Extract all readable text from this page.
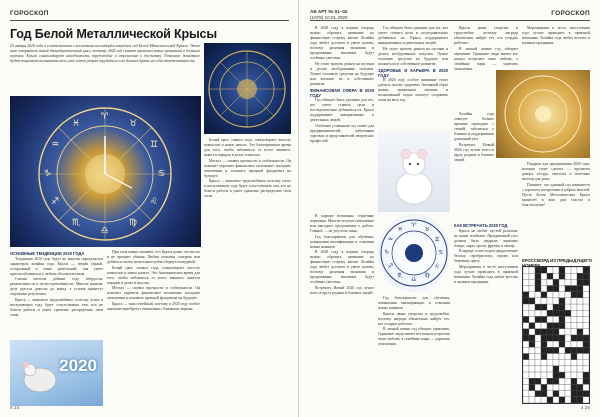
ГОРОСКОП
Год Белой Металлической Крысы
25 января 2020 года в соответствии с восточным календарём начнётся год Белой Металлической Крысы. Этот знак открывает новый двенадцатилетний цикл, поэтому 2020 год станет временем новых начинаний и больших перемен. Крыса символизирует находчивость, трудолюбие и стремление к достатку. Тотемное животное будет покровительствовать тем, кто готов упорно трудиться и не боится брать на себя ответственность.
♈
♉
♊
♋
♌
♍
♎
♏
♐
♑
♒
♓

ОСНОВНЫЕ ТЕНДЕНЦИИ 2020 ГОДА

Тенденции 2020 года будут во многом определяться характером хозяйки года. Крыса — зверёк умный, осторожный и очень деятельный, она умеет приспосабливаться к любым обстоятельствам.

Стихия металла добавит году твёрдости, решительности и целеустремлённости. Многие начатые дела удастся довести до конца, а усилия принесут ощутимые результаты.

Крыса — животное трудолюбивое, поэтому успех в наступающем году будет сопутствовать тем, кто не боится работы и умеет грамотно распределять свои силы.

2020

При этом важно помнить, что Крыса ценит честность и не прощает обмана. Любые попытки схитрить или добиться своего нечестным путём обернутся неудачей.

Белый цвет, символ года, олицетворяет чистоту помыслов и новое начало. Это благоприятное время для того, чтобы избавиться от всего лишнего, навести порядок в делах и мыслях.

Металл — символ прочности и стабильности. Он поможет укрепить финансовое положение, наладить отношения и заложить прочный фундамент на будущее.

Крыса — знак семейный, поэтому в 2020 году особое значение приобретут отношения с близкими людьми.

Белый цвет, символ года, олицетворяет чистоту помыслов и новое начало. Это благоприятное время для того, чтобы избавиться от всего лишнего, навести порядок в делах и мыслях.

Металл — символ прочности и стабильности. Он поможет укрепить финансовое положение, наладить отношения и заложить прочный фундамент на будущее.

Крыса — животное трудолюбивое, поэтому успех в наступающем году будет сопутствовать тем, кто не боится работы и умеет грамотно распределять свои силы.

4 24
АБ АРТ № 01–02
(1076) 10.01.2020
ГОРОСКОП

В 2020 году в первую очередь нужно обратить внимание на финансовую сторону жизни. Хозяйка года любит достаток и умеет копить, поэтому разумная экономия и продуманные вложения будут особенно уместны.

Не стоит тратить деньги на пустяки и делать необдуманные покупки. Лучше отложить средства на будущее или вложить их в собственное развитие.

ФИНАНСОВАЯ СФЕРА В 2020 ГОДУ

Год обещает быть удачным для тех, кто умеет ставить цели и последовательно добиваться их. Крыса поддерживает инициативных и деятельных людей.

Особенно успешным год станет для предпринимателей, работников торговли и представителей творческих профессий.

Год обещает быть удачным для тех, кто умеет ставить цели и последовательно добиваться их. Крыса поддерживает инициативных и деятельных людей.

Не стоит тратить деньги на пустяки и делать необдуманные покупки. Лучше отложить средства на будущее или вложить их в собственное развитие.

ЗДОРОВЬЕ И КАРЬЕРА В 2020 ГОДУ

В 2020 году особое внимание стоит уделить своему здоровью. Активный образ жизни, правильное питание и полноценный отдых помогут сохранить силы на весь год.

♈
♉
♊
♋
♌
♍
♎
♏
♐
♑
♒
♓

В карьере возможны серьёзные перемены. Многие получат повышение или выгодное предложение о работе. Главное — не упустить шанс.

Год благоприятен для обучения, повышения квалификации и освоения новых навыков.

В 2020 году в первую очередь нужно обратить внимание на финансовую сторону жизни. Хозяйка года любит достаток и умеет копить, поэтому разумная экономия и продуманные вложения будут особенно уместны.

Встречать Новый 2020 год лучше всего в кругу родных и близких людей.

Год благоприятен для обучения, повышения квалификации и освоения новых навыков.

Крысы ценят упорство и трудолюбие, поэтому награда обязательно найдёт тех, кто усердно работает.

В личной жизни год обещает гармонию. Одинокие люди имеют все шансы встретить свою любовь, а семейные пары — укрепить отношения.

Крысы ценят упорство и трудолюбие, поэтому награда обязательно найдёт тех, кто усердно работает.

В личной жизни год обещает гармонию. Одинокие люди имеют все шансы встретить свою любовь, а семейные пары — укрепить отношения.

Хозяйка года советует больше времени проводить с семьёй, заботиться о близких и поддерживать домашний уют.

Встречать Новый 2020 год лучше всего в кругу родных и близких людей.

КАК ВСТРЕЧАТЬ 2020 ГОД

Крыса не любит пустой роскоши, но ценит изобилие. Праздничный стол должен быть щедрым: зерновые блюда, сыры, орехи, фрукты и овощи.

В наряде стоит отдать предпочтение белому, серебристому, серому или бежевому цвету.

Мероприятия в честь наступления года лучше проводить в приятной компании. Хозяйка года любит веселье и шумные праздники.

Мероприятия в честь наступления года лучше проводить в приятной компании. Хозяйка года любит веселье и шумные праздники.

Подарки для празднования 2020 года, которые стоит сделать — предметы декора, посуда, текстиль и полезные мелочи для дома.

Помните, что удачный год начинается с хорошего настроения и добрых мыслей. Пусть Белая Металлическая Крыса принесёт в ваш дом счастье и благополучие!

КРОССВОРД ИЗ ПРЕДЫДУЩЕГО
4 25
